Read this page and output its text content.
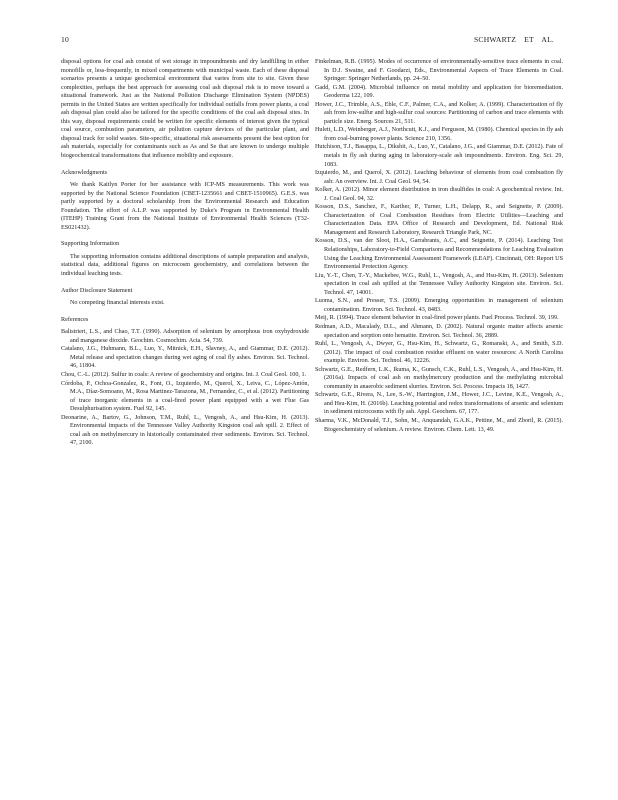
10	SCHWARTZ ET AL.

disposal options for coal ash consist of wet storage in impoundments and dry landfilling in either monofills or, less-frequently, in mixed compartments with municipal waste. Each of these disposal scenarios presents a unique geochemical environment that varies from site to site. Given these complexities, perhaps the best approach for assessing coal ash disposal risk is to move toward a situational framework. Just as the National Pollution Discharge Elimination System (NPDES) permits in the United States are written specifically for individual outfalls from power plants, a coal ash disposal plan could also be tailored for the specific conditions of the coal ash disposal sites. In this way, disposal requirements could be written for specific elements of interest given the typical coal source, combustion parameters, air pollution capture devices of the particular plant, and disposal track for solid wastes. Site-specific, situational risk assessments present the best option for ash materials, especially for contaminants such as As and Se that are known to undergo multiple biogeochemical transformations that influence mobility and exposure.

Acknowledgments

We thank Kaitlyn Porter for her assistance with ICP-MS measurements. This work was supported by the National Science Foundation (CBET-1235661 and CBET-1510965). G.E.S. was partly supported by a doctoral scholarship from the Environmental Research and Education Foundation. The effort of A.L.P. was supported by Duke's Program in Environmental Health (ITEHP) Training Grant from the National Institute of Environmental Health Sciences (T32-ES021432).

Supporting Information

The supporting information contains additional descriptions of sample preparation and analysis, statistical data, additional figures on microcosm geochemistry, and correlations between the individual leaching tests.

Author Disclosure Statement

No competing financial interests exist.

References

Balistrieri, L.S., and Chao, T.T. (1990). Adsorption of selenium by amorphous iron oxyhydroxide and manganese dioxide. Geochim. Cosmochim. Acta. 54, 739.

Catalano, J.G., Huhmann, B.L., Luo, Y., Mitnick, E.H., Slavney, A., and Giammar, D.E. (2012). Metal release and speciation changes during wet aging of coal fly ashes. Environ. Sci. Technol. 46, 11804.

Chou, C.-L. (2012). Sulfur in coals: A review of geochemistry and origins. Int. J. Coal Geol. 100, 1.

Córdoba, P., Ochoa-Gonzalez, R., Font, O., Izquierdo, M., Querol, X., Leiva, C., López-Antón, M.A., Díaz-Somoano, M., Rosa Martinez-Tarazona, M., Fernandez, C., et al. (2012). Partitioning of trace inorganic elements in a coal-fired power plant equipped with a wet Flue Gas Desulphurisation system. Fuel 92, 145.

Deonarine, A., Bartov, G., Johnson, T.M., Ruhl, L., Vengosh, A., and Hsu-Kim, H. (2013). Environmental impacts of the Tennessee Valley Authority Kingston coal ash spill. 2. Effect of coal ash on methylmercury in historically contaminated river sediments. Environ. Sci. Technol. 47, 2100.

Finkelman, R.B. (1995). Modes of occurrence of environmentally-sensitive trace elements in coal. In D.J. Swaine, and F. Goodarzi, Eds., Environmental Aspects of Trace Elements in Coal. Springer: Springer Netherlands, pp. 24–50.

Gadd, G.M. (2004). Microbial influence on metal mobility and application for bioremediation. Geoderma 122, 109.

Hower, J.C., Trimble, A.S., Eble, C.F., Palmer, C.A., and Kolker, A. (1999). Characterization of fly ash from low-sulfur and high-sulfur coal sources: Partitioning of carbon and trace elements with particle size. Energ. Sources 21, 511.

Hulett, L.D., Weinberger, A.J., Northcutt, K.J., and Ferguson, M. (1980). Chemical species in fly ash from coal-burning power plants. Science 210, 1356.

Hutchison, T.J., Basappa, L., Dikshit, A., Luo, Y., Catalano, J.G., and Giammar, D.E. (2012). Fate of metals in fly ash during aging in laboratory-scale ash impoundments. Environ. Eng. Sci. 29, 1083.

Izquierdo, M., and Querol, X. (2012). Leaching behaviour of elements from coal combustion fly ash: An overview. Int. J. Coal Geol. 94, 54.

Kolker, A. (2012). Minor element distribution in iron disulfides in coal: A geochemical review. Int. J. Coal Geol. 94, 32.

Kosson, D.S., Sanchez, F., Kariher, P., Turner, L.H., Delapp, R., and Seignette, P. (2009). Characterization of Coal Combustion Residues from Electric Utilities—Leaching and Characterization Data. EPA Office of Research and Development, Ed. National Risk Management and Research Laboratory, Research Triangle Park, NC.

Kosson, D.S., van der Sloot, H.A., Garrabrants, A.C., and Seignette, P. (2014). Leaching Test Relationships, Laboratory-to-Field Comparisons and Recommendations for Leaching Evaluation Using the Leaching Environmental Assessment Framework (LEAF). Cincinnati, OH: Report US Environmental Protection Agency.

Liu, Y.-T., Chen, T.-Y., Mackebee, W.G., Ruhl, L., Vengosh, A., and Hsu-Kim, H. (2013). Selenium speciation in coal ash spilled at the Tennessee Valley Authority Kingston site. Environ. Sci. Technol. 47, 14001.

Luoma, S.N., and Presser, T.S. (2009). Emerging opportunities in management of selenium contamination. Environ. Sci. Technol. 43, 8483.

Meij, R. (1994). Trace element behavior in coal-fired power plants. Fuel Process. Technol. 39, 199.

Redman, A.D., Macalady, D.L., and Ahmann, D. (2002). Natural organic matter affects arsenic speciation and sorption onto hematite. Environ. Sci. Technol. 36, 2889.

Ruhl, L., Vengosh, A., Dwyer, G., Hsu-Kim, H., Schwartz, G., Romanski, A., and Smith, S.D. (2012). The impact of coal combustion residue effluent on water resources: A North Carolina example. Environ. Sci. Technol. 46, 12226.

Schwartz, G.E., Redfern, L.K., Ikuma, K., Gunsch, C.K., Ruhl, L.S., Vengosh, A., and Hsu-Kim, H. (2016a). Impacts of coal ash on methylmercury production and the methylating microbial community in anaerobic sediment slurries. Environ. Sci. Process. Impacts 18, 1427.

Schwartz, G.E., Rivera, N., Lee, S.-W., Harrington, J.M., Hower, J.C., Levine, K.E., Vengosh, A., and Hsu-Kim, H. (2016b). Leaching potential and redox transformations of arsenic and selenium in sediment microcosms with fly ash. Appl. Geochem. 67, 177.

Sharma, V.K., McDonald, T.J., Sohn, M., Anquandah, G.A.K., Pettine, M., and Zboril, R. (2015). Biogeochemistry of selenium. A review. Environ. Chem. Lett. 13, 49.
